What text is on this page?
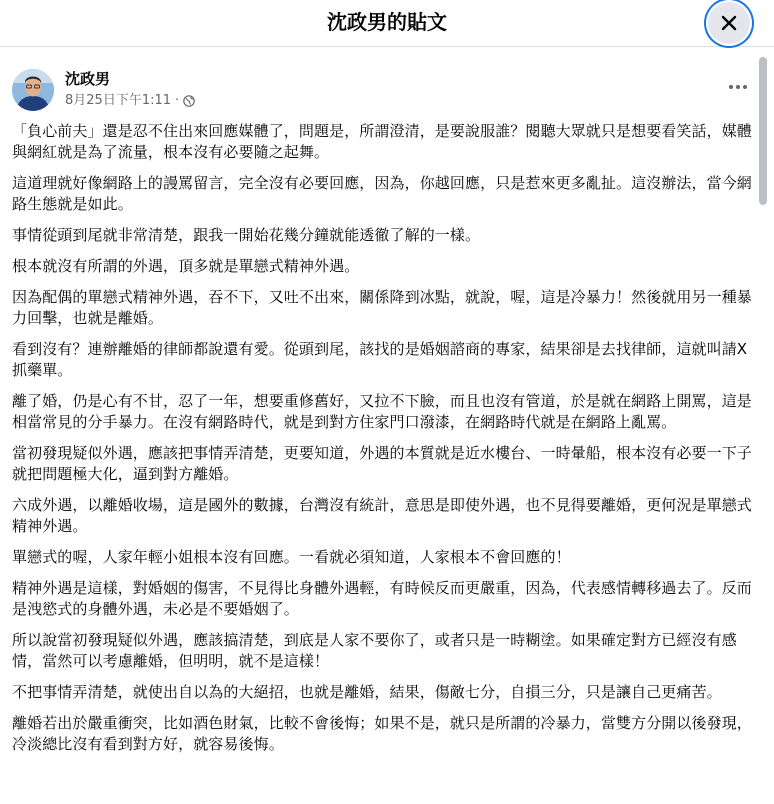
沈政男的貼文
沈政男
8月25日下午1:11 ·

「負心前夫」還是忍不住出來回應媒體了，問題是，所謂澄清，是要說服誰？閱聽大眾就只是想要看笑話，媒體與網紅就是為了流量，根本沒有必要隨之起舞。

這道理就好像網路上的謾罵留言，完全沒有必要回應，因為，你越回應，只是惹來更多亂扯。這沒辦法，當今網路生態就是如此。

事情從頭到尾就非常清楚，跟我一開始花幾分鐘就能透徹了解的一樣。

根本就沒有所謂的外遇，頂多就是單戀式精神外遇。

因為配偶的單戀式精神外遇，吞不下，又吐不出來，關係降到冰點，就說，喔，這是冷暴力！然後就用另一種暴力回擊，也就是離婚。

看到沒有？連辦離婚的律師都說還有愛。從頭到尾，該找的是婚姻諮商的專家，結果卻是去找律師，這就叫請X抓藥單。

離了婚，仍是心有不甘，忍了一年，想要重修舊好，又拉不下臉，而且也沒有管道，於是就在網路上開罵，這是相當常見的分手暴力。在沒有網路時代，就是到對方住家門口潑漆，在網路時代就是在網路上亂罵。

當初發現疑似外遇，應該把事情弄清楚，更要知道，外遇的本質就是近水樓台、一時暈船，根本沒有必要一下子就把問題極大化，逼到對方離婚。

六成外遇，以離婚收場，這是國外的數據，台灣沒有統計，意思是即使外遇，也不見得要離婚，更何況是單戀式精神外遇。

單戀式的喔，人家年輕小姐根本沒有回應。一看就必須知道，人家根本不會回應的！

精神外遇是這樣，對婚姻的傷害，不見得比身體外遇輕，有時候反而更嚴重，因為，代表感情轉移過去了。反而是洩慾式的身體外遇，未必是不要婚姻了。

所以說當初發現疑似外遇，應該搞清楚，到底是人家不要你了，或者只是一時糊塗。如果確定對方已經沒有感情，當然可以考慮離婚，但明明，就不是這樣！

不把事情弄清楚，就使出自以為的大絕招，也就是離婚，結果，傷敵七分，自損三分，只是讓自己更痛苦。

離婚若出於嚴重衝突，比如酒色財氣，比較不會後悔；如果不是，就只是所謂的冷暴力，當雙方分開以後發現，冷淡總比沒有看到對方好，就容易後悔。
